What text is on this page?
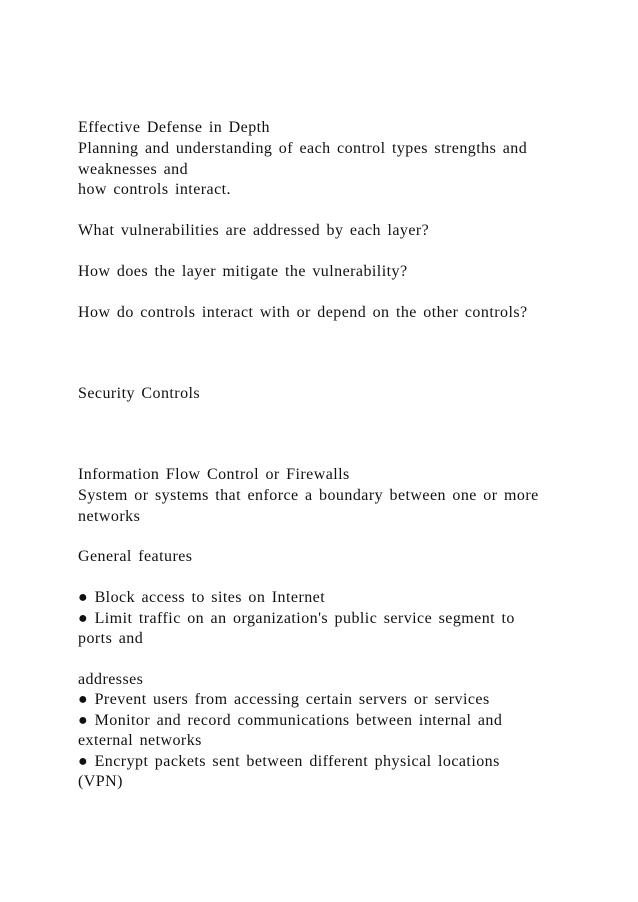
Effective Defense in Depth
Planning and understanding of each control types strengths and
weaknesses and
how controls interact.
What vulnerabilities are addressed by each layer?
How does the layer mitigate the vulnerability?
How do controls interact with or depend on the other controls?
Security Controls
Information Flow Control or Firewalls
System or systems that enforce a boundary between one or more
networks
General features
● Block access to sites on Internet
● Limit traffic on an organization's public service segment to
ports and
addresses
● Prevent users from accessing certain servers or services
● Monitor and record communications between internal and
external networks
● Encrypt packets sent between different physical locations
(VPN)
